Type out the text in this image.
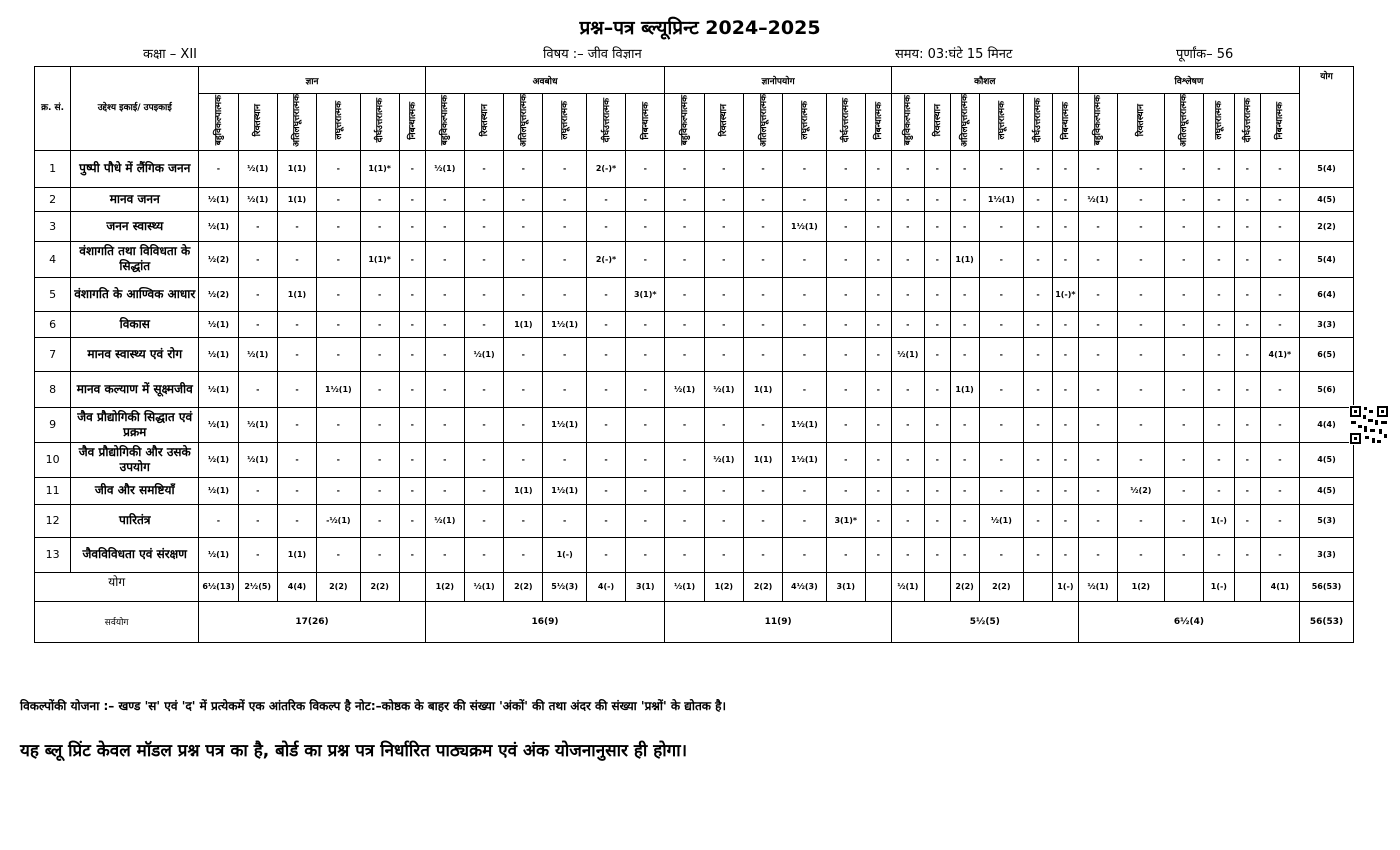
प्रश्न–पत्र ब्ल्यूप्रिन्ट 2024–2025
कक्षा – XII	विषय :– जीव विज्ञान	समय: 03:घंटे 15 मिनट	पूर्णांक– 56
क्र. सं.	उद्देश्य इकाई/ उपइकाई	ज्ञान						अवबोध						ज्ञानोपयोग						कौशल						विश्लेषण						योग
		बहुविकल्पात्मक	रिक्तस्थान	अतिलघूत्तरात्मक	लघूत्तरात्मक	दीर्घउत्तरात्मक	निबन्धात्मक	बहुविकल्पात्मक	रिक्तस्थान	अतिलघूत्तरात्मक	लघूत्तरात्मक	दीर्घउत्तरात्मक	निबन्धात्मक	बहुविकल्पात्मक	रिक्तस्थान	अतिलघूत्तरात्मक	लघूत्तरात्मक	दीर्घउत्तरात्मक	निबन्धात्मक	बहुविकल्पात्मक	रिक्तस्थान	अतिलघूत्तरात्मक	लघूत्तरात्मक	दीर्घउत्तरात्मक	निबन्धात्मक	बहुविकल्पात्मक	रिक्तस्थान	अतिलघूत्तरात्मक	लघूत्तरात्मक	दीर्घउत्तरात्मक	निबन्धात्मक	
1	पुष्पी पौधे में लैंगिक जनन	-	½(1)	1(1)	-	1(1)*	-	½(1)	-	-	-	2(-)*	-	-	-	-	-	-	-	-	-	-	-	-	-	-	-	-	-	-	-	5(4)
2	मानव जनन	½(1)	½(1)	1(1)	-	-	-	-	-	-	-	-	-	-	-	-	-	-	-	-	-	-	1½(1)	-	-	½(1)	-	-	-	-	-	4(5)
3	जनन स्वास्थ्य	½(1)	-	-	-	-	-	-	-	-	-	-	-	-	-	-	1½(1)	-	-	-	-	-	-	-	-	-	-	-	-	-	-	2(2)
4	वंशागति तथा विविधता के सिद्धांत	½(2)	-	-	-	1(1)*	-	-	-	-	-	2(-)*	-	-	-	-	-	-	-	-	-	1(1)	-	-	-	-	-	-	-	-	-	5(4)
5	वंशागति के आण्विक आधार	½(2)	-	1(1)	-	-	-	-	-	-	-	-	3(1)*	-	-	-	-	-	-	-	-	-	-	-	1(-)*	-	-	-	-	-	-	6(4)
6	विकास	½(1)	-	-	-	-	-	-	-	1(1)	1½(1)	-	-	-	-	-	-	-	-	-	-	-	-	-	-	-	-	-	-	-	-	3(3)
7	मानव स्वास्थ्य एवं रोग	½(1)	½(1)	-	-	-	-	-	½(1)	-	-	-	-	-	-	-	-	-	-	½(1)	-	-	-	-	-	-	-	-	-	-	4(1)*	6(5)
8	मानव कल्याण में सूक्ष्मजीव	½(1)	-	-	1½(1)	-	-	-	-	-	-	-	-	½(1)	½(1)	1(1)	-	-	-	-	-	1(1)	-	-	-	-	-	-	-	-	-	5(6)
9	जैव प्रौद्योगिकी सिद्धात एवं प्रक्रम	½(1)	½(1)	-	-	-	-	-	-	-	1½(1)	-	-	-	-	-	1½(1)	-	-	-	-	-	-	-	-	-	-	-	-	-	-	4(4)
10	जैव प्रौद्योगिकी और उसके उपयोग	½(1)	½(1)	-	-	-	-	-	-	-	-	-	-	-	½(1)	1(1)	1½(1)	-	-	-	-	-	-	-	-	-	-	-	-	-	-	4(5)
11	जीव और समष्टियाँ	½(1)	-	-	-	-	-	-	-	1(1)	1½(1)	-	-	-	-	-	-	-	-	-	-	-	-	-	-	-	½(2)	-	-	-	-	4(5)
12	पारितंत्र	-	-	-	-½(1)	-	-	½(1)	-	-	-	-	-	-	-	-	-	3(1)*	-	-	-	-	½(1)	-	-	-	-	-	1(-)	-	-	5(3)
13	जैवविविधता एवं संरक्षण	½(1)	-	1(1)	-	-	-	-	-	-	1(-)	-	-	-	-	-	-	-	-	-	-	-	-	-	-	-	-	-	-	-	-	3(3)
योग		6½(13)	2½(5)	4(4)	2(2)	2(2)		1(2)	½(1)	2(2)	5½(3)	4(-)	3(1)	½(1)	1(2)	2(2)	4½(3)	3(1)		½(1)		2(2)	2(2)		1(-)	½(1)	1(2)		1(-)		4(1)	56(53)
सर्वयोग		17(26)						16(9)						11(9)						5½(5)						6½(4)						56(53)
विकल्पोंकी योजना :– खण्ड 'स' एवं 'द' में प्रत्येकमें एक आंतरिक विकल्प है नोट:–कोष्ठक के बाहर की संख्या 'अंकों' की तथा अंदर की संख्या 'प्रश्नों' के द्योतक है।
यह ब्लू प्रिंट केवल मॉडल प्रश्न पत्र का है, बोर्ड का प्रश्न पत्र निर्धारित पाठ्यक्रम एवं अंक योजनानुसार ही होगा।
